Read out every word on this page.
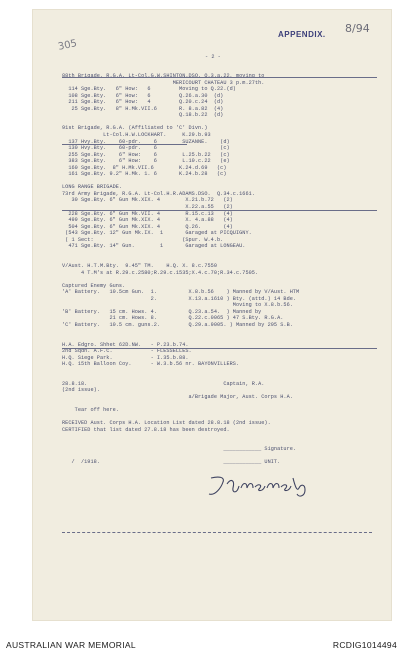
305
8/94
- 2 -
APPENDIX.
88th Brigade, R.G.A. Lt-Col.G.W.SHINTON.DSO. Q.3.a.22, moving to
MERICOURT CHATEAU 3 p.m.27th.
114 Sge.Bty.   6" How:   6         Moving to Q.22.(d)
108 Sge.Bty.   6" How:   6         Q.26.a.30  (d)
211 Sge.Bty.   6" How:   4         Q.20.c.24  (d)
25 Sge.Bty.   8" H.Mk.VII.6       R. 8.a.82  (4)
Q.18.b.22  (d)
91st Brigade, R.G.A. (Affiliated to 'C' Divn.)
Lt-Col.H.W.LOCKHART.     K.29.b.93
137 Hvy.Bty.    60-pdr.    6        SUZANNE.    (d)
130 Hvy.Bty.    60-pdr.    6                    (c)
255 Sge.Bty.    6" How:    6        L.25.b.22   (c)
383 Sge.Bty.    6" How:    6        L.10.c.22   (e)
160 Sge.Bty.  8" H.Mk.VII.6        K.24.d.69   (c)
161 Sge.Bty. 9.2" H.Mk. 1. 6       K.24.b.28   (c)
LONG RANGE BRIGADE.
73rd Army Brigade, R.G.A. Lt-Col.H.R.ADAMS.DSO.  Q.34.c.1661.
30 Sge.Bty. 6" Gun Mk.XIX. 4        X.21.b.72   (2)
X.22.a.55   (2)
228 Sge.Bty. 6" Gun Mk.VII. 4        R.15.c.13   (4)
499 Sge.Bty. 6" Gun Mk.XIX. 4        X. 4.a.88   (4)
504 Sge.Bty. 6" Gun Mk.XIX. 4        Q.26.       (4)
(543 Sge.Bty. 12" Gun Mk.IX.  1       Garaged at PICQUIGNY.
( 1 Sect:                            (Spur. W.4.b.
471 Sge.Bty. 14" Gun.        1       Garaged at LONGEAU.
V/Aust. H.T.M.Bty.  9.45" TM.    H.Q. X. 8.c.7550
4 T.M's at R.29.c.2580;R.29.c.1535;X.4.c.70;R.34.c.7505.
Captured Enemy Guns.
'A' Battery.   10.5cm Gun.  1.          X.8.b.56    ) Manned by V/Aust. HTM
2.          X.13.a.1610 ) Bty. (attd.) 14 Bde.
Moving to X.8.b.56.
'B' Battery.   15 cm. Hows. 4.          Q.23.a.54.  ) Manned by
21 cm. Hows. 8.          Q.22.c.0065 ) 47 S.Bty. R.G.A.
'C' Battery.   10.5 cm. guns.2.         Q.29.a.9005. ) Manned by 295 S.B.
H.A. Edgro. Shhet 62D.NW.   - P.23.b.74.
2nd Sqdn. A.F.C.            - FLESSELLES.
H.Q. Siege Park.            - I.35.b.88.
H.Q. 15th Balloon Coy.      - W.3.b.56 nr. BAYONVILLERS.
28.8.18.                                           Captain, R.A.
(2nd issue).
a/Brigade Major, Aust. Corps H.A.
Tear off here.
RECEIVED Aust. Corps H.A. Location List dated 28.8.18 (2nd issue).
CERTIFIED that list dated 27.8.18 has been destroyed.
____________ Signature.
/  /1918.                                       ____________ UNIT.
AUSTRALIAN WAR MEMORIAL	RCDIG1014494
